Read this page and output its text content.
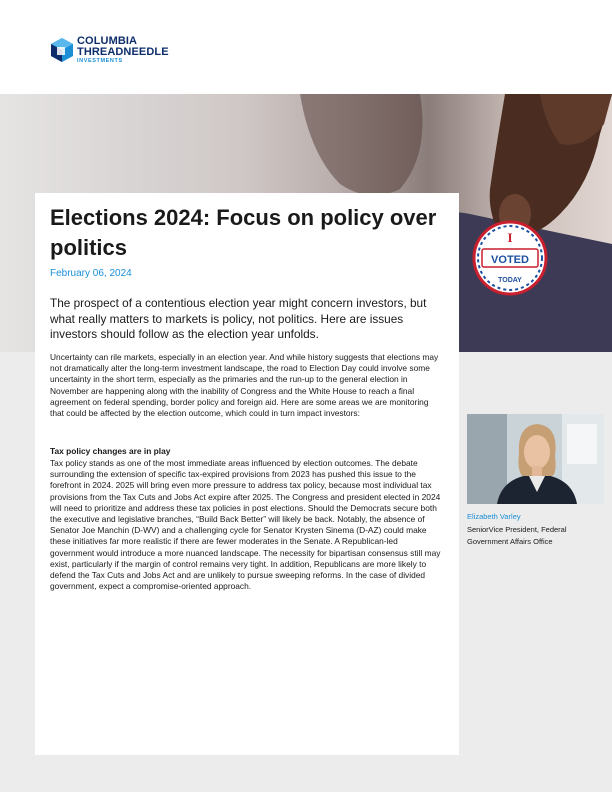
COLUMBIA
THREADNEEDLE
INVESTMENTS
I
VOTED
TODAY
Elections 2024: Focus on policy over politics
February 06, 2024

The prospect of a contentious election year might concern investors, but what really matters to markets is policy, not politics. Here are issues investors should follow as the election year unfolds.

Uncertainty can rile markets, especially in an election year. And while history suggests that elections may not dramatically alter the long-term investment landscape, the road to Election Day could involve some uncertainty in the short term, especially as the primaries and the run-up to the general election in November are happening along with the inability of Congress and the White House to reach a final agreement on federal spending, border policy and foreign aid. Here are some areas we are monitoring that could be affected by the election outcome, which could in turn impact investors:

Tax policy changes are in play

Tax policy stands as one of the most immediate areas influenced by election outcomes. The debate surrounding the extension of specific tax-expired provisions from 2023 has pushed this issue to the forefront in 2024. 2025 will bring even more pressure to address tax policy, because most individual tax provisions from the Tax Cuts and Jobs Act expire after 2025. The Congress and president elected in 2024 will need to prioritize and address these tax policies in post elections. Should the Democrats secure both the executive and legislative branches, “Build Back Better” will likely be back. Notably, the absence of Senator Joe Manchin (D-WV) and a challenging cycle for Senator Krysten Sinema (D-AZ) could make these initiatives far more realistic if there are fewer moderates in the Senate. A Republican-led government would introduce a more nuanced landscape. The necessity for bipartisan consensus still may exist, particularly if the margin of control remains very tight. In addition, Republicans are more likely to defend the Tax Cuts and Jobs Act and are unlikely to pursue sweeping reforms. In the case of divided government, expect a compromise-oriented approach.

Elizabeth Varley
SeniorVice President, Federal Government Affairs Office
